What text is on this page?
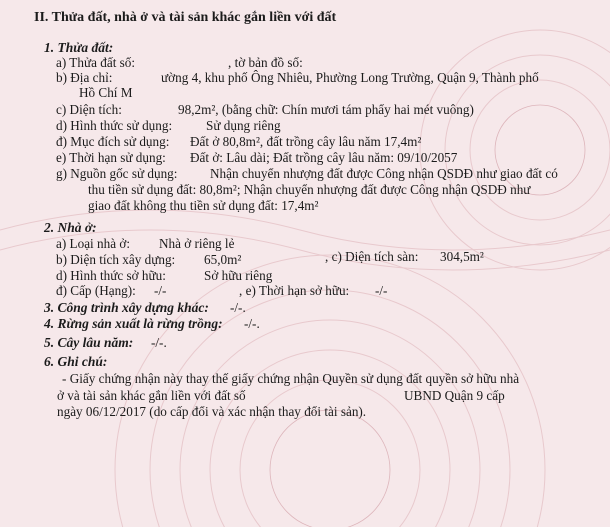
II. Thửa đất, nhà ở và tài sản khác gắn liền với đất
1. Thửa đất:
a) Thửa đất số:	, tờ bản đồ số:
b) Địa chỉ:	ường 4, khu phố Ông Nhiêu, Phường Long Trường, Quận 9, Thành phố
Hồ Chí M
c) Diện tích:	98,2m², (bằng chữ: Chín mươi tám phẩy hai mét vuông)
d) Hình thức sử dụng:	Sử dụng riêng
đ) Mục đích sử dụng: Đất ở 80,8m², đất trồng cây lâu năm 17,4m²
e) Thời hạn sử dụng: Đất ở: Lâu dài; Đất trồng cây lâu năm: 09/10/2057
g) Nguồn gốc sử dụng: Nhận chuyển nhượng đất được Công nhận QSDĐ như giao đất có
thu tiền sử dụng đất: 80,8m²; Nhận chuyển nhượng đất được Công nhận QSDĐ như
giao đất không thu tiền sử dụng đất: 17,4m²
2. Nhà ở:
a) Loại nhà ở: Nhà ở riêng lẻ
b) Diện tích xây dựng: 65,0m²	, c) Diện tích sàn: 304,5m²
d) Hình thức sở hữu:	Sở hữu riêng
đ) Cấp (Hạng): -/-	, e) Thời hạn sở hữu: -/-
3. Công trình xây dựng khác: -/-.
4. Rừng sản xuất là rừng trồng: -/-.
5. Cây lâu năm: -/-.
6. Ghi chú:
- Giấy chứng nhận này thay thế giấy chứng nhận Quyền sử dụng đất quyền sở hữu nhà
ở và tài sản khác gắn liền với đất số	UBND Quận 9 cấp
ngày 06/12/2017 (do cấp đổi và xác nhận thay đổi tài sản).
